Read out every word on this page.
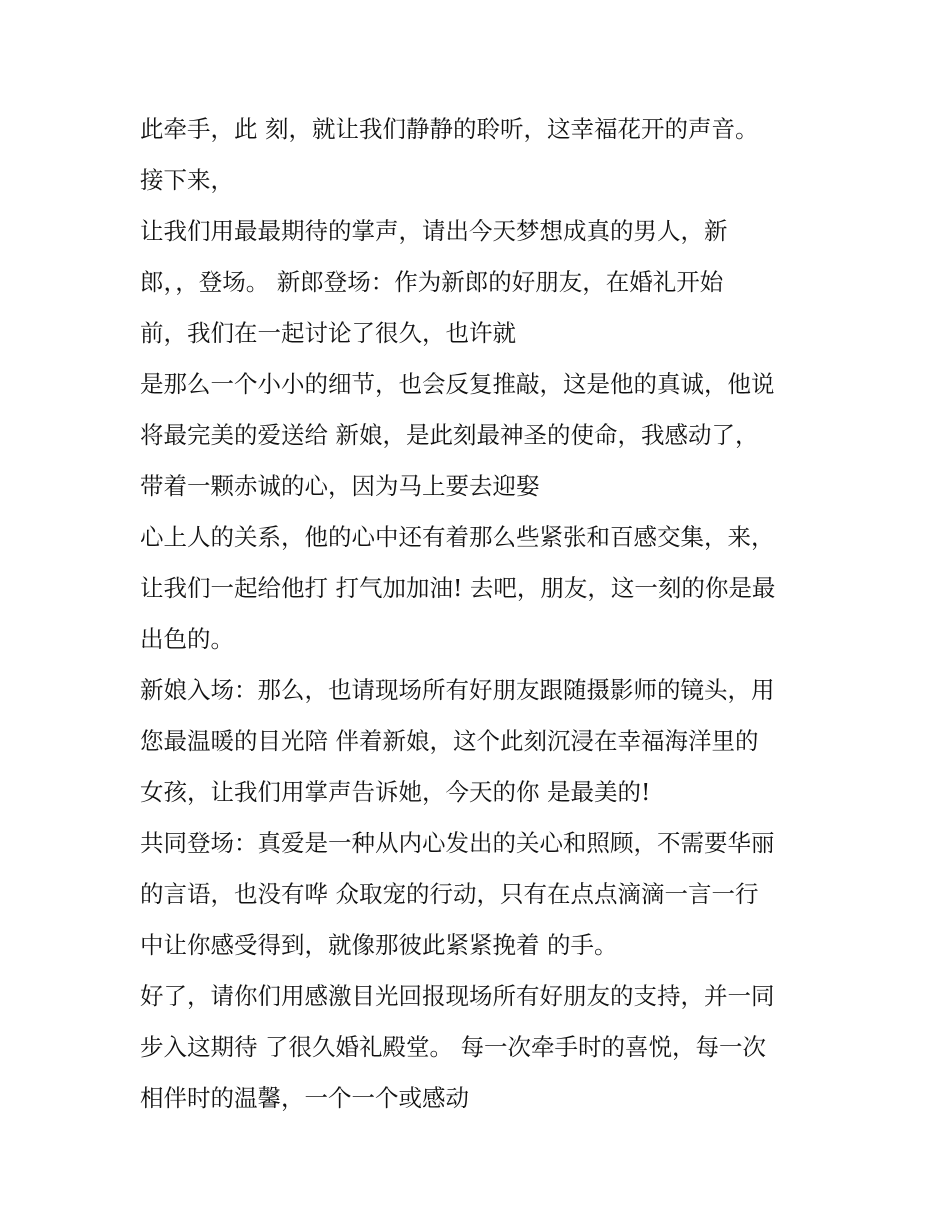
此牵手，此 刻，就让我们静静的聆听，这幸福花开的声音。
接下来，
让我们用最最期待的掌声，请出今天梦想成真的男人，新
郎，，登场。 新郎登场：作为新郎的好朋友，在婚礼开始
前，我们在一起讨论了很久，也许就
是那么一个小小的细节，也会反复推敲，这是他的真诚，他说
将最完美的爱送给 新娘，是此刻最神圣的使命，我感动了，
带着一颗赤诚的心，因为马上要去迎娶
心上人的关系，他的心中还有着那么些紧张和百感交集，来，
让我们一起给他打 打气加加油! 去吧，朋友，这一刻的你是最
出色的。
新娘入场：那么，也请现场所有好朋友跟随摄影师的镜头，用
您最温暖的目光陪 伴着新娘，这个此刻沉浸在幸福海洋里的
女孩，让我们用掌声告诉她，今天的你 是最美的!
共同登场：真爱是一种从内心发出的关心和照顾，不需要华丽
的言语，也没有哗 众取宠的行动，只有在点点滴滴一言一行
中让你感受得到，就像那彼此紧紧挽着 的手。
好了，请你们用感激目光回报现场所有好朋友的支持，并一同
步入这期待 了很久婚礼殿堂。 每一次牵手时的喜悦，每一次
相伴时的温馨，一个一个或感动
